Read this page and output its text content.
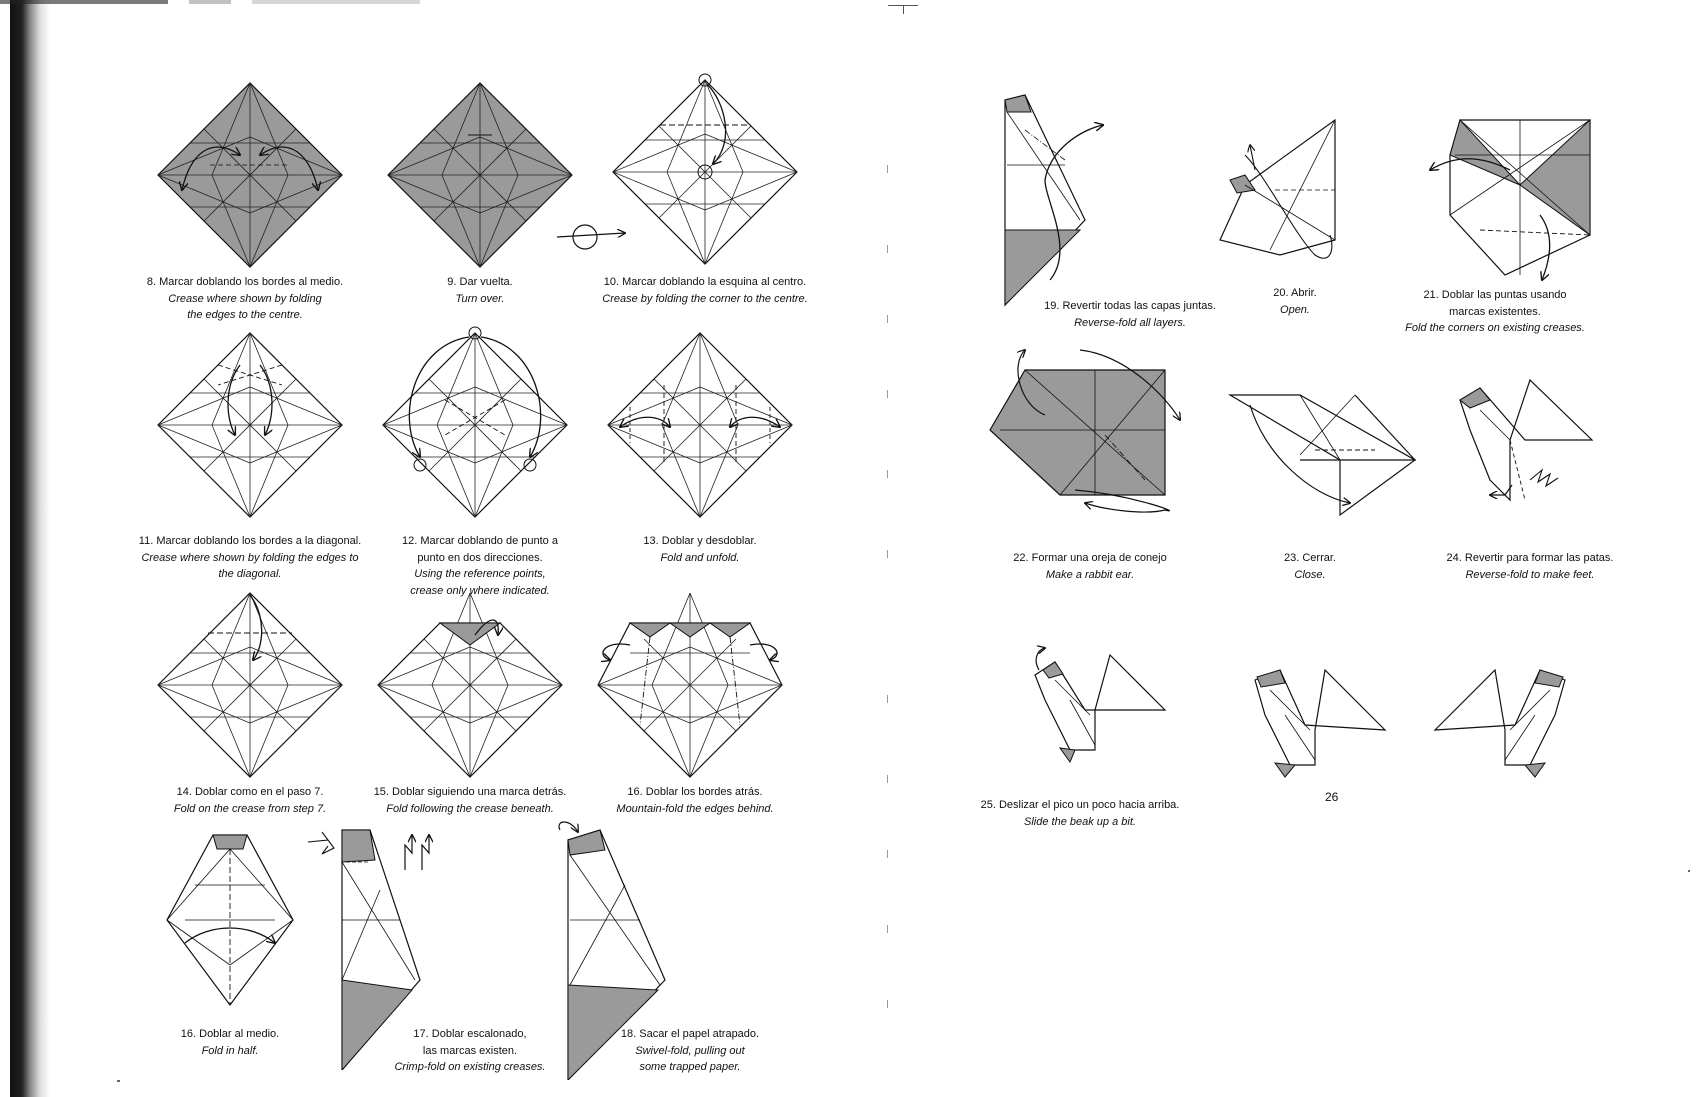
8. Marcar doblando los bordes al medio.
Crease where shown by folding
the edges to the centre.
9. Dar vuelta.
Turn over.
10. Marcar doblando la esquina al centro.
Crease by folding the corner to the centre.
11. Marcar doblando los bordes a la diagonal.
Crease where shown by folding the edges to
the diagonal.
12. Marcar doblando de punto a
punto en dos direcciones.
Using the reference points,
crease only where indicated.
13. Doblar y desdoblar.
Fold and unfold.
14. Doblar como en el paso 7.
Fold on the crease from step 7.
15. Doblar siguiendo una marca detrás.
Fold following the crease beneath.
16. Doblar los bordes atrás.
Mountain-fold the edges behind.
16. Doblar al medio.
Fold in half.
17. Doblar escalonado,
las marcas existen.
Crimp-fold on existing creases.
18. Sacar el papel atrapado.
Swivel-fold, pulling out
some trapped paper.
19. Revertir todas las capas juntas.
Reverse-fold all layers.
20. Abrir.
Open.
21. Doblar las puntas usando
marcas existentes.
Fold the corners on existing creases.
22. Formar una oreja de conejo
Make a rabbit ear.
23. Cerrar.
Close.
24. Revertir para formar las patas.
Reverse-fold to make feet.
25. Deslizar el pico un poco hacia arriba.
Slide the beak up a bit.
26
